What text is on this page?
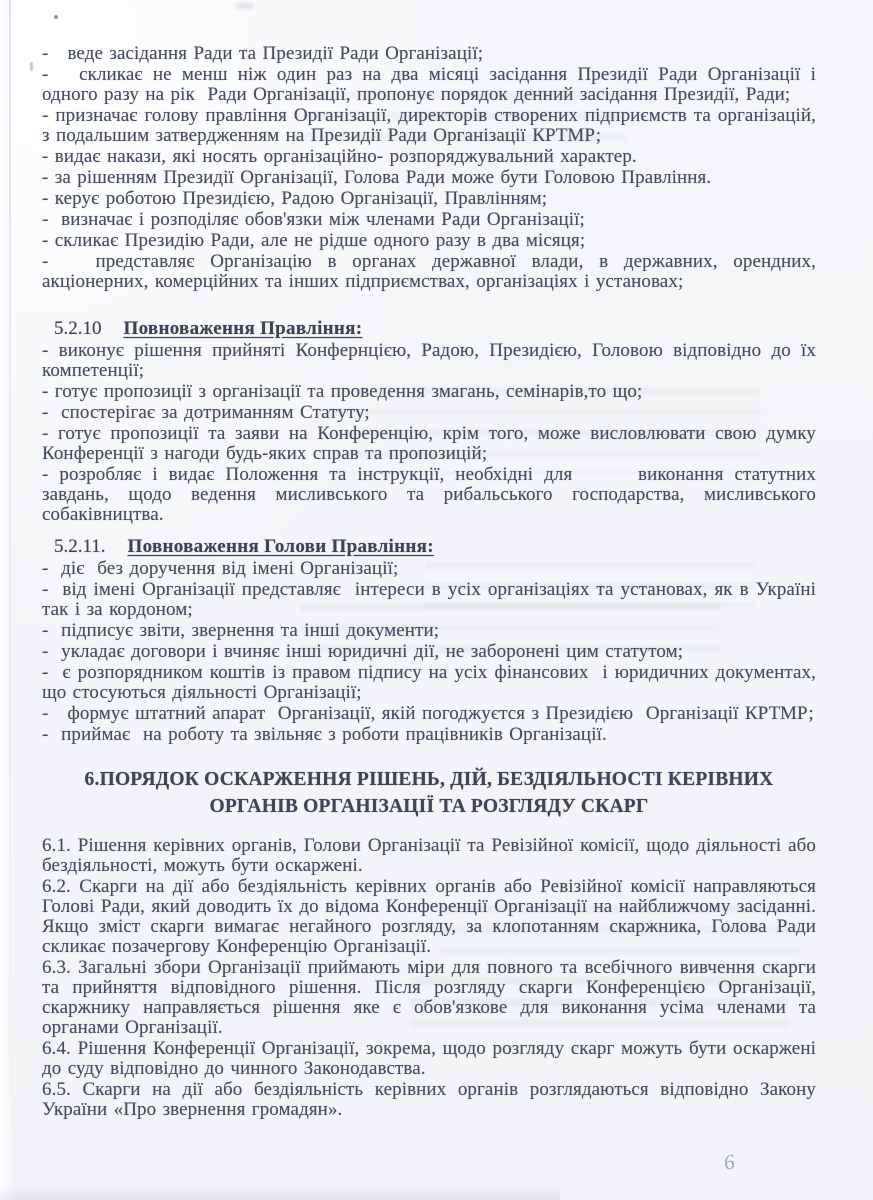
-   веде засідання Ради та Президії Ради Організації;

-   скликає не менш ніж один раз на два місяці засідання Президії Ради Організації і одного разу на рік  Ради Організації, пропонує порядок денний засідання Президії, Ради;

- призначає голову правління Організації, директорів створених підприємств та організацій, з подальшим затвердженням на Президії Ради Організації КРТМР;

- видає накази, які носять організаційно- розпоряджувальний характер.

- за рішенням Президії Організації, Голова Ради може бути Головою Правління.

- керує роботою Президією, Радою Організації, Правлінням;

-  визначає і розподіляє обов'язки між членами Ради Організації;

- скликає Президію Ради, але не рідше одного разу в два місяця;

-   представляє Організацію в органах державної влади, в державних, орендних, акціонерних, комерційних та інших підприємствах, організаціях і установах;

5.2.10 Повноваження Правління:

- виконує рішення прийняті Конфернцією, Радою, Президією, Головою відповідно до їх компетенції;

- готує пропозиції з організації та проведення змагань, семінарів,то що;

-  спостерігає за дотриманням Статуту;

- готує пропозиції та заяви на Конференцію, крім того, може висловлювати свою думку Конференції з нагоди будь-яких справ та пропозицій;

- розробляє і видає Положення та інструкції, необхідні для      виконання статутних завдань, щодо ведення мисливського та рибальського господарства, мисливського собаківництва.

5.2.11. Повноваження Голови Правління:

-  діє  без доручення від імені Організації;

-  від імені Організації представляє  інтереси в усіх організаціях та установах, як в Україні так і за кордоном;

-  підписує звіти, звернення та інші документи;

-  укладає договори і вчиняє інші юридичні дії, не заборонені цим статутом;

-  є розпорядником коштів із правом підпису на усіх фінансових  і юридичних документах, що стосуються діяльності Організації;

-   формує штатний апарат  Організації, якій погоджуєтся з Президією  Організації КРТМР;

-  приймає  на роботу та звільняє з роботи працівників Організації.

6.ПОРЯДОК ОСКАРЖЕННЯ РІШЕНЬ, ДІЙ, БЕЗДІЯЛЬНОСТІ КЕРІВНИХ
ОРГАНІВ ОРГАНІЗАЦІЇ ТА РОЗГЛЯДУ СКАРГ

6.1. Рішення керівних органів, Голови Організації та Ревізійної комісії, щодо діяльності або бездіяльності, можуть бути оскаржені.

6.2. Скарги на дії або бездіяльність керівних органів або Ревізійної комісії направляються Голові Ради, який доводить їх до відома Конференції Організації на найближчому засіданні. Якщо зміст скарги вимагає негайного розгляду, за клопотанням скаржника, Голова Ради скликає позачергову Конференцію Організації.

6.3. Загальні збори Організації приймають міри для повного та всебічного вивчення скарги та прийняття відповідного рішення. Після розгляду скарги Конференцією Організації, скаржнику направляється рішення яке є обов'язкове для виконання усіма членами та органами Організації.

6.4. Рішення Конференції Організації, зокрема, щодо розгляду скарг можуть бути оскаржені до суду відповідно до чинного Законодавства.

6.5. Скарги на дії або бездіяльність керівних органів розглядаються відповідно Закону України «Про звернення громадян».

6
